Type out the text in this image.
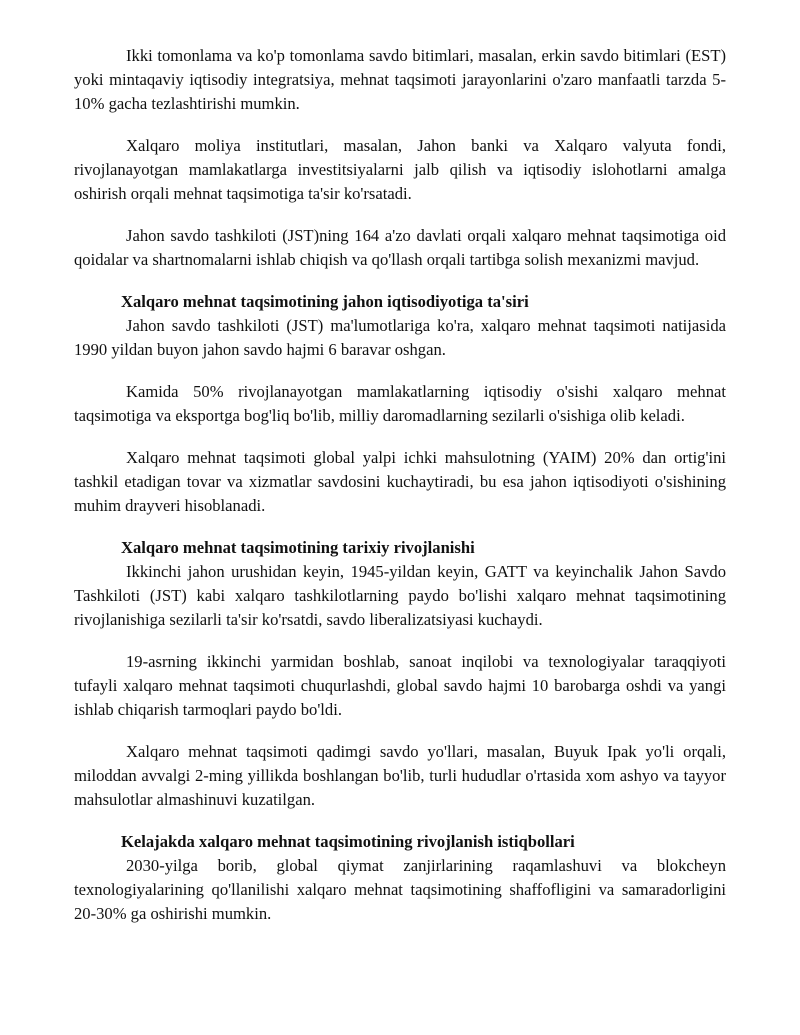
Ikki tomonlama va ko'p tomonlama savdo bitimlari, masalan, erkin savdo bitimlari (EST) yoki mintaqaviy iqtisodiy integratsiya, mehnat taqsimoti jarayonlarini o'zaro manfaatli tarzda 5-10% gacha tezlashtirishi mumkin.

Xalqaro moliya institutlari, masalan, Jahon banki va Xalqaro valyuta fondi, rivojlanayotgan mamlakatlarga investitsiyalarni jalb qilish va iqtisodiy islohotlarni amalga oshirish orqali mehnat taqsimotiga ta'sir ko'rsatadi.

Jahon savdo tashkiloti (JST)ning 164 a'zo davlati orqali xalqaro mehnat taqsimotiga oid qoidalar va shartnomalarni ishlab chiqish va qo'llash orqali tartibga solish mexanizmi mavjud.

Xalqaro mehnat taqsimotining jahon iqtisodiyotiga ta'siri

Jahon savdo tashkiloti (JST) ma'lumotlariga ko'ra, xalqaro mehnat taqsimoti natijasida 1990 yildan buyon jahon savdo hajmi 6 baravar oshgan.

Kamida 50% rivojlanayotgan mamlakatlarning iqtisodiy o'sishi xalqaro mehnat taqsimotiga va eksportga bog'liq bo'lib, milliy daromadlarning sezilarli o'sishiga olib keladi.

Xalqaro mehnat taqsimoti global yalpi ichki mahsulotning (YAIM) 20% dan ortig'ini tashkil etadigan tovar va xizmatlar savdosini kuchaytiradi, bu esa jahon iqtisodiyoti o'sishining muhim drayveri hisoblanadi.

Xalqaro mehnat taqsimotining tarixiy rivojlanishi

Ikkinchi jahon urushidan keyin, 1945-yildan keyin, GATT va keyinchalik Jahon Savdo Tashkiloti (JST) kabi xalqaro tashkilotlarning paydo bo'lishi xalqaro mehnat taqsimotining rivojlanishiga sezilarli ta'sir ko'rsatdi, savdo liberalizatsiyasi kuchaydi.

19-asrning ikkinchi yarmidan boshlab, sanoat inqilobi va texnologiyalar taraqqiyoti tufayli xalqaro mehnat taqsimoti chuqurlashdi, global savdo hajmi 10 barobarga oshdi va yangi ishlab chiqarish tarmoqlari paydo bo'ldi.

Xalqaro mehnat taqsimoti qadimgi savdo yo'llari, masalan, Buyuk Ipak yo'li orqali, miloddan avvalgi 2-ming yillikda boshlangan bo'lib, turli hududlar o'rtasida xom ashyo va tayyor mahsulotlar almashinuvi kuzatilgan.

Kelajakda xalqaro mehnat taqsimotining rivojlanish istiqbollari

2030-yilga borib, global qiymat zanjirlarining raqamlashuvi va blokcheyn texnologiyalarining qo'llanilishi xalqaro mehnat taqsimotining shaffofligini va samaradorligini 20-30% ga oshirishi mumkin.
